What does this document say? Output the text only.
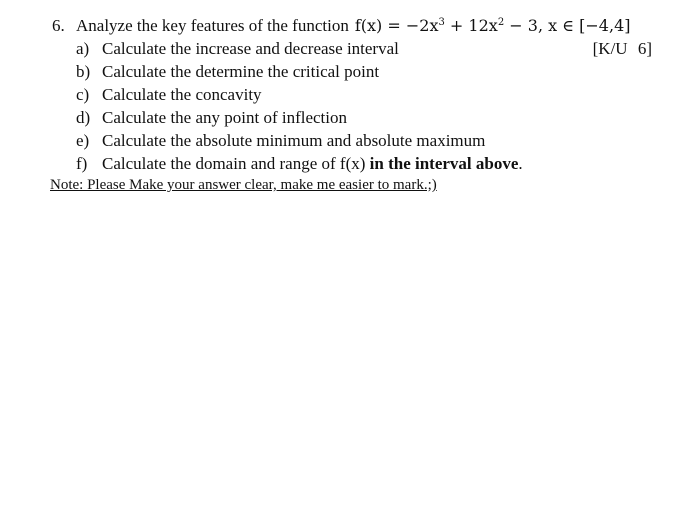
6. Analyze the key features of the function $f(x) = -2x^3 + 12x^2 - 3$, x ∈ [−4,4]
a) Calculate the increase and decrease interval	[K/U 6]
b) Calculate the determine the critical point
c) Calculate the concavity
d) Calculate the any point of inflection
e) Calculate the absolute minimum and absolute maximum
f) Calculate the domain and range of f(x) in the interval above.
Note: Please Make your answer clear, make me easier to mark.;)
